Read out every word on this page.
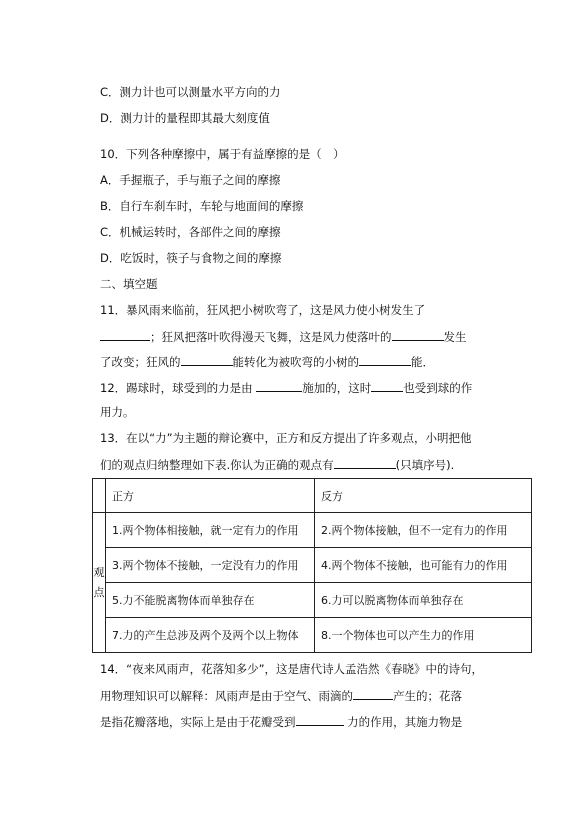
C．测力计也可以测量水平方向的力
D．测力计的量程即其最大刻度值
10．下列各种摩擦中，属于有益摩擦的是（　）
A．手握瓶子，手与瓶子之间的摩擦
B．自行车刹车时，车轮与地面间的摩擦
C．机械运转时，各部件之间的摩擦
D．吃饭时，筷子与食物之间的摩擦
二、填空题
11．暴风雨来临前，狂风把小树吹弯了，这是风力使小树发生了
；狂风把落叶吹得漫天飞舞，这是风力使落叶的	发生
了改变；狂风的	能转化为被吹弯的小树的	能．
12．踢球时，球受到的力是由	施加的，这时	也受到球的作
用力。
13．在以“力”为主题的辩论赛中，正方和反方提出了许多观点，小明把他
们的观点归纳整理如下表.你认为正确的观点有	(只填序号).
	正方	反方
观点	1.两个物体相接触，就一定有力的作用	2.两个物体接触，但不一定有力的作用
	3.两个物体不接触，一定没有力的作用	4.两个物体不接触，也可能有力的作用
	5.力不能脱离物体而单独存在	6.力可以脱离物体而单独存在
	7.力的产生总涉及两个及两个以上物体	8.一个物体也可以产生力的作用
14．“夜来风雨声，花落知多少”，这是唐代诗人孟浩然《春晓》中的诗句，
用物理知识可以解释：风雨声是由于空气、雨滴的	产生的；花落
是指花瓣落地，实际上是由于花瓣受到	力的作用，其施力物是
